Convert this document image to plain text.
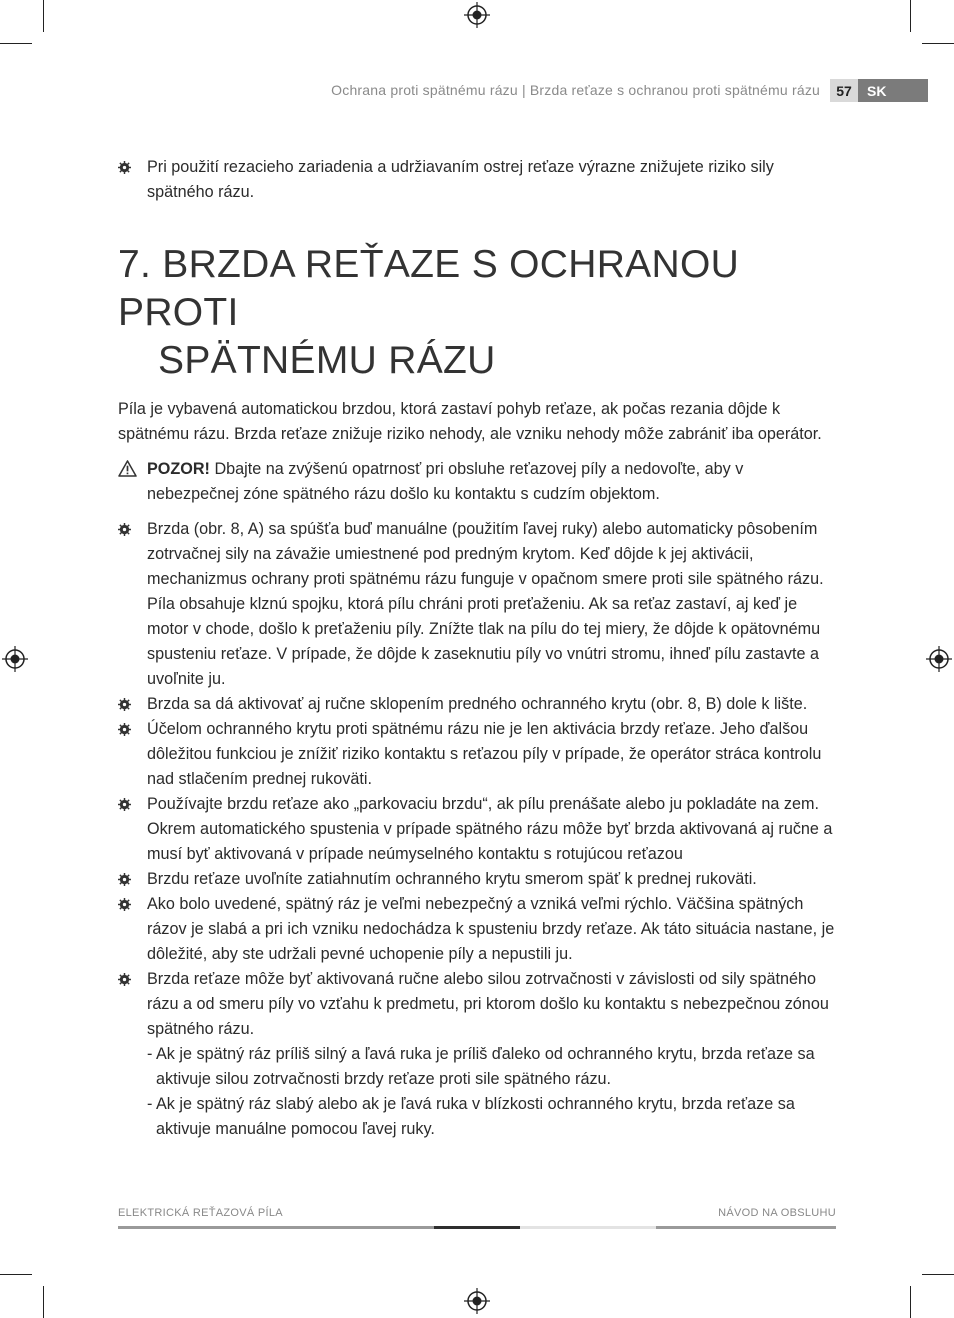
Ochrana proti spätnému rázu | Brzda reťaze s ochranou proti spätnému rázu	57	SK
Pri použití rezacieho zariadenia a udržiavaním ostrej reťaze výrazne znižujete riziko sily spätného rázu.
7. BRZDA REŤAZE S OCHRANOU PROTI
SPÄTNÉMU RÁZU

Píla je vybavená automatickou brzdou, ktorá zastaví pohyb reťaze, ak počas rezania dôjde k spätnému rázu. Brzda reťaze znižuje riziko nehody, ale vzniku nehody môže zabrániť iba operátor.

POZOR! Dbajte na zvýšenú opatrnosť pri obsluhe reťazovej píly a nedovoľte, aby v nebezpečnej zóne spätného rázu došlo ku kontaktu s cudzím objektom.
Brzda (obr. 8, A) sa spúšťa buď manuálne (použitím ľavej ruky) alebo automaticky pôsobením zotrvačnej sily na závažie umiestnené pod predným krytom. Keď dôjde k jej aktivácii, mechanizmus ochrany proti spätnému rázu funguje v opačnom smere proti sile spätného rázu. Píla obsahuje klznú spojku, ktorá pílu chráni proti preťaženiu. Ak sa reťaz zastaví, aj keď je motor v chode, došlo k preťaženiu píly. Znížte tlak na pílu do tej miery, že dôjde k opätovnému spusteniu reťaze. V prípade, že dôjde k zaseknutiu píly vo vnútri stromu, ihneď pílu zastavte a uvoľnite ju.
Brzda sa dá aktivovať aj ručne sklopením predného ochranného krytu (obr. 8, B) dole k lište.
Účelom ochranného krytu proti spätnému rázu nie je len aktivácia brzdy reťaze. Jeho ďalšou dôležitou funkciou je znížiť riziko kontaktu s reťazou píly v prípade, že operátor stráca kontrolu nad stlačením prednej rukoväti.
Používajte brzdu reťaze ako „parkovaciu brzdu“, ak pílu prenášate alebo ju pokladáte na zem. Okrem automatického spustenia v prípade spätného rázu môže byť brzda aktivovaná aj ručne a musí byť aktivovaná v prípade neúmyselného kontaktu s rotujúcou reťazou
Brzdu reťaze uvoľníte zatiahnutím ochranného krytu smerom späť k prednej rukoväti.
Ako bolo uvedené, spätný ráz je veľmi nebezpečný a vzniká veľmi rýchlo. Väčšina spätných rázov je slabá a pri ich vzniku nedochádza k spusteniu brzdy reťaze. Ak táto situácia nastane, je dôležité, aby ste udržali pevné uchopenie píly a nepustili ju.
Brzda reťaze môže byť aktivovaná ručne alebo silou zotrvačnosti v závislosti od sily spätného rázu a od smeru píly vo vzťahu k predmetu, pri ktorom došlo ku kontaktu s nebezpečnou zónou spätného rázu.
- Ak je spätný ráz príliš silný a ľavá ruka je príliš ďaleko od ochranného krytu, brzda reťaze sa aktivuje silou zotrvačnosti brzdy reťaze proti sile spätného rázu.
- Ak je spätný ráz slabý alebo ak je ľavá ruka v blízkosti ochranného krytu, brzda reťaze sa aktivuje manuálne pomocou ľavej ruky.
ELEKTRICKÁ REŤAZOVÁ PÍLA	NÁVOD NA OBSLUHU
